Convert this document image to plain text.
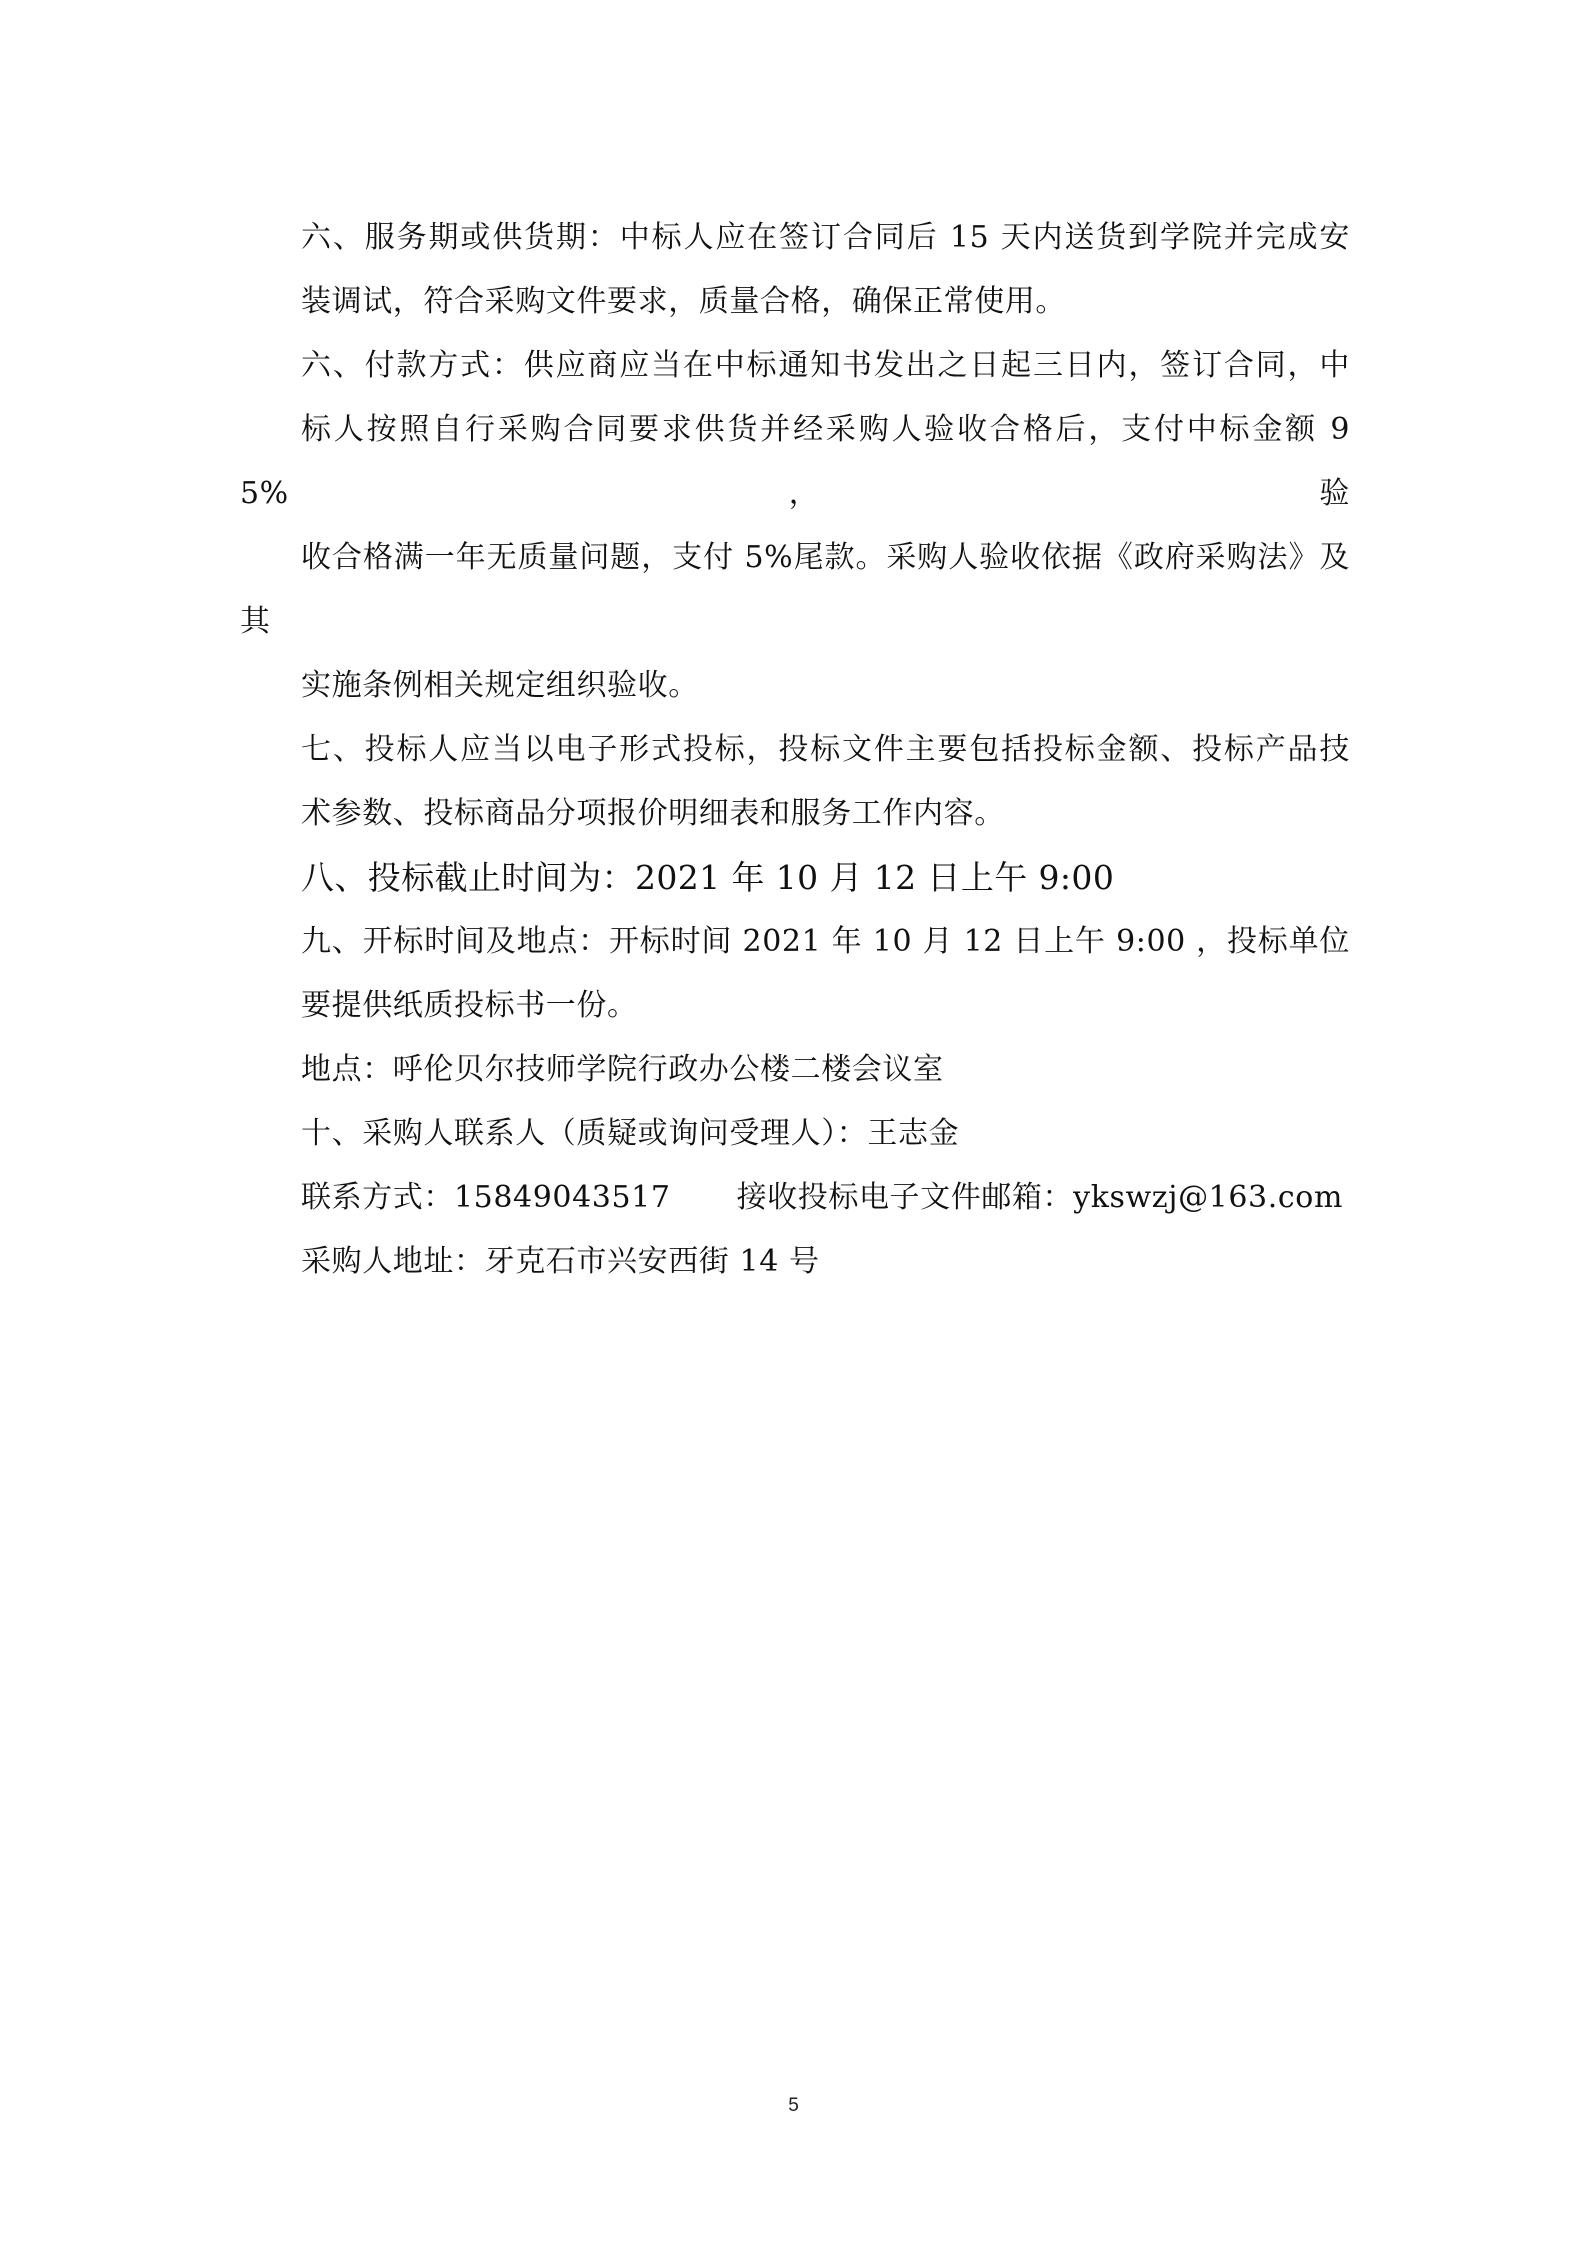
六、服务期或供货期：中标人应在签订合同后 15 天内送货到学院并完成安
装调试，符合采购文件要求，质量合格，确保正常使用。

六、付款方式：供应商应当在中标通知书发出之日起三日内，签订合同，中
标人按照自行采购合同要求供货并经采购人验收合格后，支付中标金额 95%，验
收合格满一年无质量问题，支付 5%尾款。采购人验收依据《政府采购法》及其
实施条例相关规定组织验收。

七、投标人应当以电子形式投标，投标文件主要包括投标金额、投标产品技
术参数、投标商品分项报价明细表和服务工作内容。

八、投标截止时间为：2021 年 10 月 12 日上午 9:00

九、开标时间及地点：开标时间 2021 年 10 月 12 日上午 9:00 ，投标单位
要提供纸质投标书一份。

地点：呼伦贝尔技师学院行政办公楼二楼会议室

十、采购人联系人（质疑或询问受理人）：王志金

联系方式：15849043517 接收投标电子文件邮箱：ykswzj@163.com

采购人地址：牙克石市兴安西街 14 号

5
